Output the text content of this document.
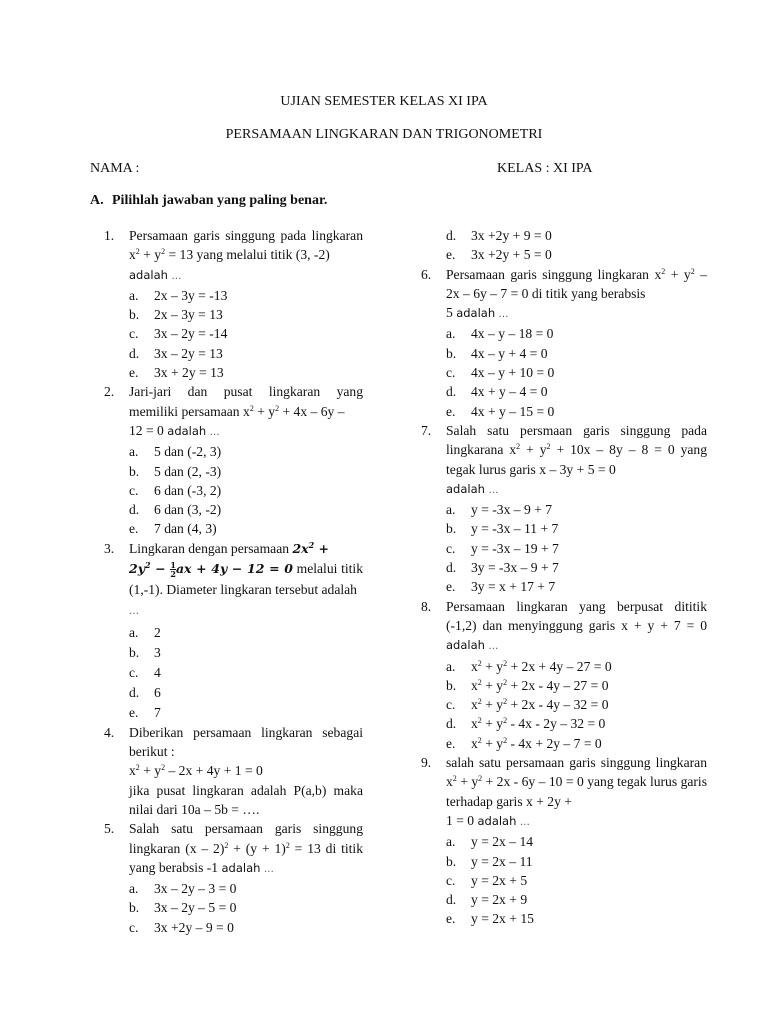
UJIAN SEMESTER KELAS XI IPA
PERSAMAAN LINGKARAN DAN TRIGONOMETRI
NAMA :	KELAS : XI IPA
A. Pilihlah jawaban yang paling benar.
1. Persamaan garis singgung pada lingkaran $x^2 + y^2 = 13$ yang melalui titik (3, -2)
adalah …
a. 2x – 3y = -13
b. 2x – 3y = 13
c. 3x – 2y = -14
d. 3x – 2y = 13
e. 3x + 2y = 13
2. Jari-jari dan pusat lingkaran yang memiliki persamaan $x^2 + y^2 + 4x - 6y$ –
12 = 0 adalah …
a. 5 dan (-2, 3)
b. 5 dan (2, -3)
c. 6 dan (-3, 2)
d. 6 dan (3, -2)
e. 7 dan (4, 3)
3. Lingkaran dengan persamaan $2x^2$ +
$2y^2 - \frac{1}{2}$ ax + 4y − 12 = 0 melalui titik (1,-1). Diameter lingkaran tersebut adalah
…
a. 2
b. 3
c. 4
d. 6
e. 7
4. Diberikan persamaan lingkaran sebagai berikut :
$x^2 + y^2 - 2x + 4y + 1 = 0$
jika pusat lingkaran adalah P(a,b) maka nilai dari 10a – 5b = ….
5. Salah satu persamaan garis singgung lingkaran $(x - 2)^2 + (y + 1)^2 = 13$ di titik yang berabsis -1 adalah …
a. 3x – 2y – 3 = 0
b. 3x – 2y – 5 = 0
c. 3x +2y – 9 = 0
d. 3x +2y + 9 = 0
e. 3x +2y + 5 = 0
6. Persamaan garis singgung lingkaran $x^2 + y^2 - 2x - 6y - 7 = 0$ di titik yang berabsis
5 adalah …
a. 4x – y – 18 = 0
b. 4x – y + 4 = 0
c. 4x – y + 10 = 0
d. 4x + y – 4 = 0
e. 4x + y – 15 = 0
7. Salah satu persmaan garis singgung pada lingkarana $x^2 + y^2 + 10x - 8y - 8 = 0$ yang tegak lurus garis x – 3y + 5 = 0
adalah …
a. y = -3x – 9 + 7
b. y = -3x – 11 + 7
c. y = -3x – 19 + 7
d. 3y = -3x – 9 + 7
e. 3y = x + 17 + 7
8. Persamaan lingkaran yang berpusat dititik (-1,2) dan menyinggung garis x + y + 7 = 0 adalah …
a. $x^2 + y^2 + 2x + 4y - 27 = 0$
b. $x^2 + y^2 + 2x - 4y - 27 = 0$
c. $x^2 + y^2 + 2x - 4y - 32 = 0$
d. $x^2 + y^2 - 4x - 2y - 32 = 0$
e. $x^2 + y^2 - 4x + 2y - 7 = 0$
9. salah satu persamaan garis singgung lingkaran $x^2 + y^2 + 2x - 6y - 10 = 0$ yang tegak lurus garis terhadap garis x + 2y +
1 = 0 adalah …
a. y = 2x – 14
b. y = 2x – 11
c. y = 2x + 5
d. y = 2x + 9
e. y = 2x + 15
